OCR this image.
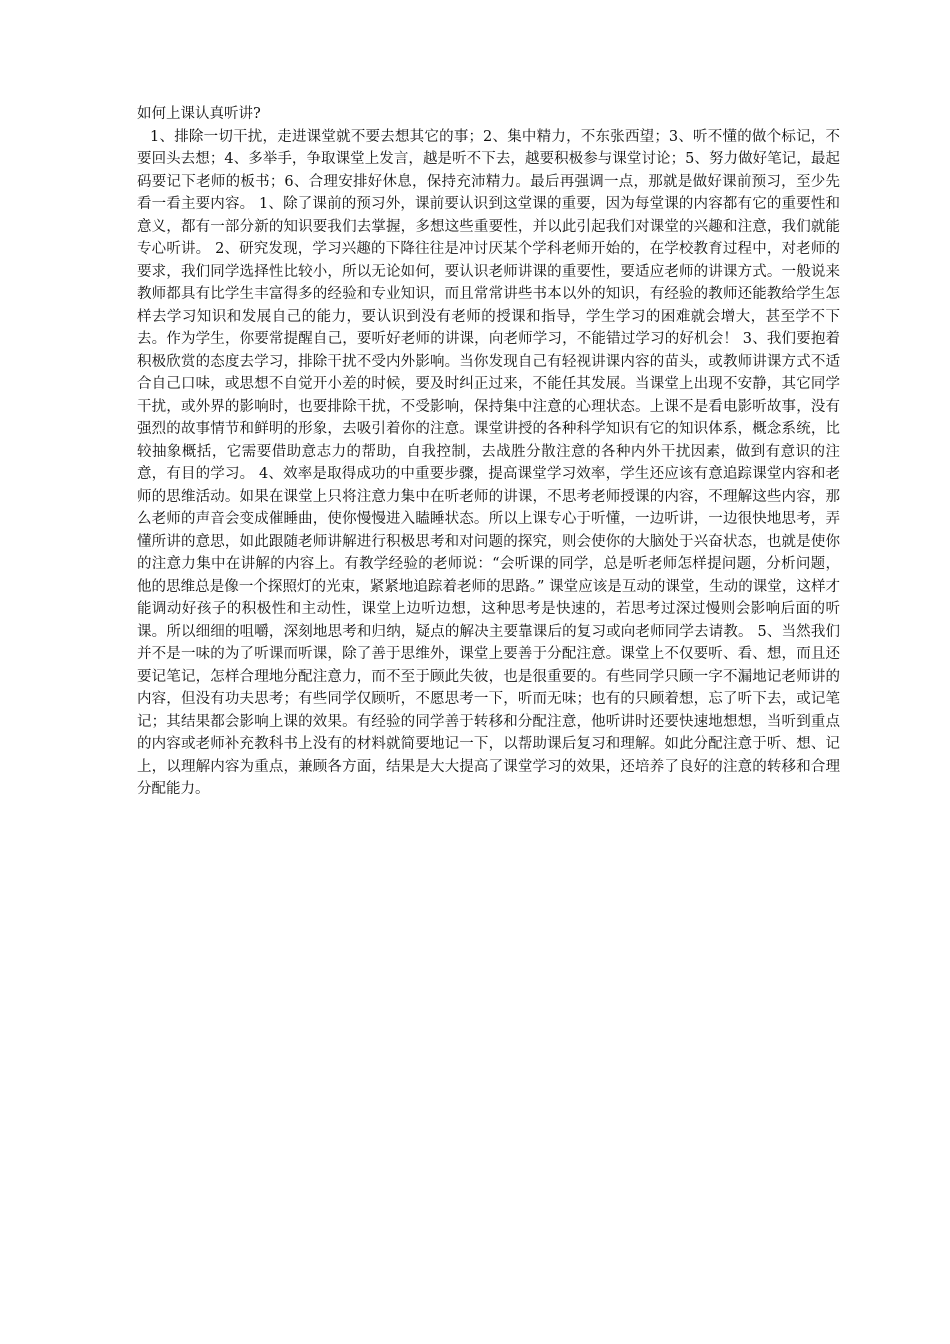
如何上课认真听讲?

1、排除一切干扰，走进课堂就不要去想其它的事；2、集中精力，不东张西望；3、听不懂的做个标记，不要回头去想；4、多举手，争取课堂上发言，越是听不下去，越要积极参与课堂讨论；5、努力做好笔记，最起码要记下老师的板书；6、合理安排好休息，保持充沛精力。最后再强调一点，那就是做好课前预习，至少先看一看主要内容。 1、除了课前的预习外，课前要认识到这堂课的重要，因为每堂课的内容都有它的重要性和意义，都有一部分新的知识要我们去掌握，多想这些重要性，并以此引起我们对课堂的兴趣和注意，我们就能专心听讲。 2、研究发现，学习兴趣的下降往往是冲讨厌某个学科老师开始的，在学校教育过程中，对老师的要求，我们同学选择性比较小，所以无论如何，要认识老师讲课的重要性，要适应老师的讲课方式。一般说来教师都具有比学生丰富得多的经验和专业知识，而且常常讲些书本以外的知识，有经验的教师还能教给学生怎样去学习知识和发展自己的能力，要认识到没有老师的授课和指导，学生学习的困难就会增大，甚至学不下去。作为学生，你要常提醒自己，要听好老师的讲课，向老师学习，不能错过学习的好机会！ 3、我们要抱着积极欣赏的态度去学习，排除干扰不受内外影响。当你发现自己有轻视讲课内容的苗头，或教师讲课方式不适合自己口味，或思想不自觉开小差的时候，要及时纠正过来，不能任其发展。当课堂上出现不安静，其它同学干扰，或外界的影响时，也要排除干扰，不受影响，保持集中注意的心理状态。上课不是看电影听故事，没有强烈的故事情节和鲜明的形象，去吸引着你的注意。课堂讲授的各种科学知识有它的知识体系，概念系统，比较抽象概括，它需要借助意志力的帮助，自我控制，去战胜分散注意的各种内外干扰因素，做到有意识的注意，有目的学习。 4、效率是取得成功的中重要步骤，提高课堂学习效率，学生还应该有意追踪课堂内容和老师的思维活动。如果在课堂上只将注意力集中在听老师的讲课，不思考老师授课的内容，不理解这些内容，那么老师的声音会变成催睡曲，使你慢慢进入瞌睡状态。所以上课专心于听懂，一边听讲，一边很快地思考，弄懂所讲的意思，如此跟随老师讲解进行积极思考和对问题的探究，则会使你的大脑处于兴奋状态，也就是使你的注意力集中在讲解的内容上。有教学经验的老师说：“会听课的同学，总是听老师怎样提问题，分析问题，他的思维总是像一个探照灯的光束，紧紧地追踪着老师的思路。” 课堂应该是互动的课堂，生动的课堂，这样才能调动好孩子的积极性和主动性，课堂上边听边想，这种思考是快速的，若思考过深过慢则会影响后面的听课。所以细细的咀嚼，深刻地思考和归纳，疑点的解决主要靠课后的复习或向老师同学去请教。 5、当然我们并不是一味的为了听课而听课，除了善于思维外，课堂上要善于分配注意。课堂上不仅要听、看、想，而且还要记笔记，怎样合理地分配注意力，而不至于顾此失彼，也是很重要的。有些同学只顾一字不漏地记老师讲的内容，但没有功夫思考；有些同学仅顾听，不愿思考一下，听而无味；也有的只顾着想，忘了听下去，或记笔记；其结果都会影响上课的效果。有经验的同学善于转移和分配注意，他听讲时还要快速地想想，当听到重点的内容或老师补充教科书上没有的材料就简要地记一下，以帮助课后复习和理解。如此分配注意于听、想、记上，以理解内容为重点，兼顾各方面，结果是大大提高了课堂学习的效果，还培养了良好的注意的转移和合理分配能力。
